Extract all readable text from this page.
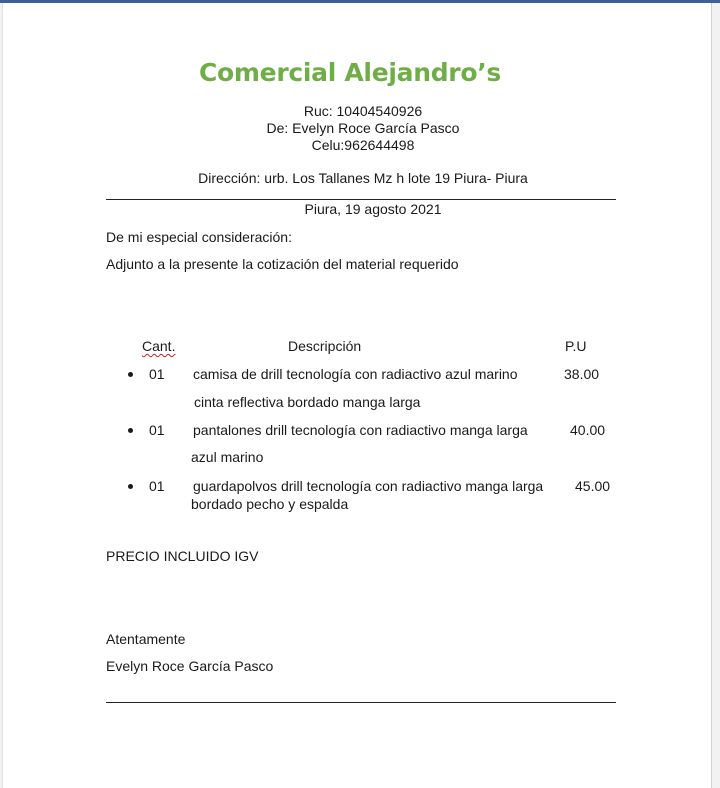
Comercial Alejandro’s
Ruc: 10404540926
De: Evelyn Roce García Pasco
Celu:962644498
Dirección: urb. Los Tallanes Mz h lote 19 Piura- Piura
Piura, 19 agosto 2021
De mi especial consideración:
Adjunto a la presente la cotización del material requerido
Cant.	Descripción	P.U
01 camisa de drill tecnología con radiactivo azul marino	38.00
cinta reflectiva bordado manga larga
01 pantalones drill tecnología con radiactivo manga larga	40.00
azul marino
01 guardapolvos drill tecnología con radiactivo manga larga 45.00
bordado pecho y espalda
PRECIO INCLUIDO IGV
Atentamente
Evelyn Roce García Pasco
